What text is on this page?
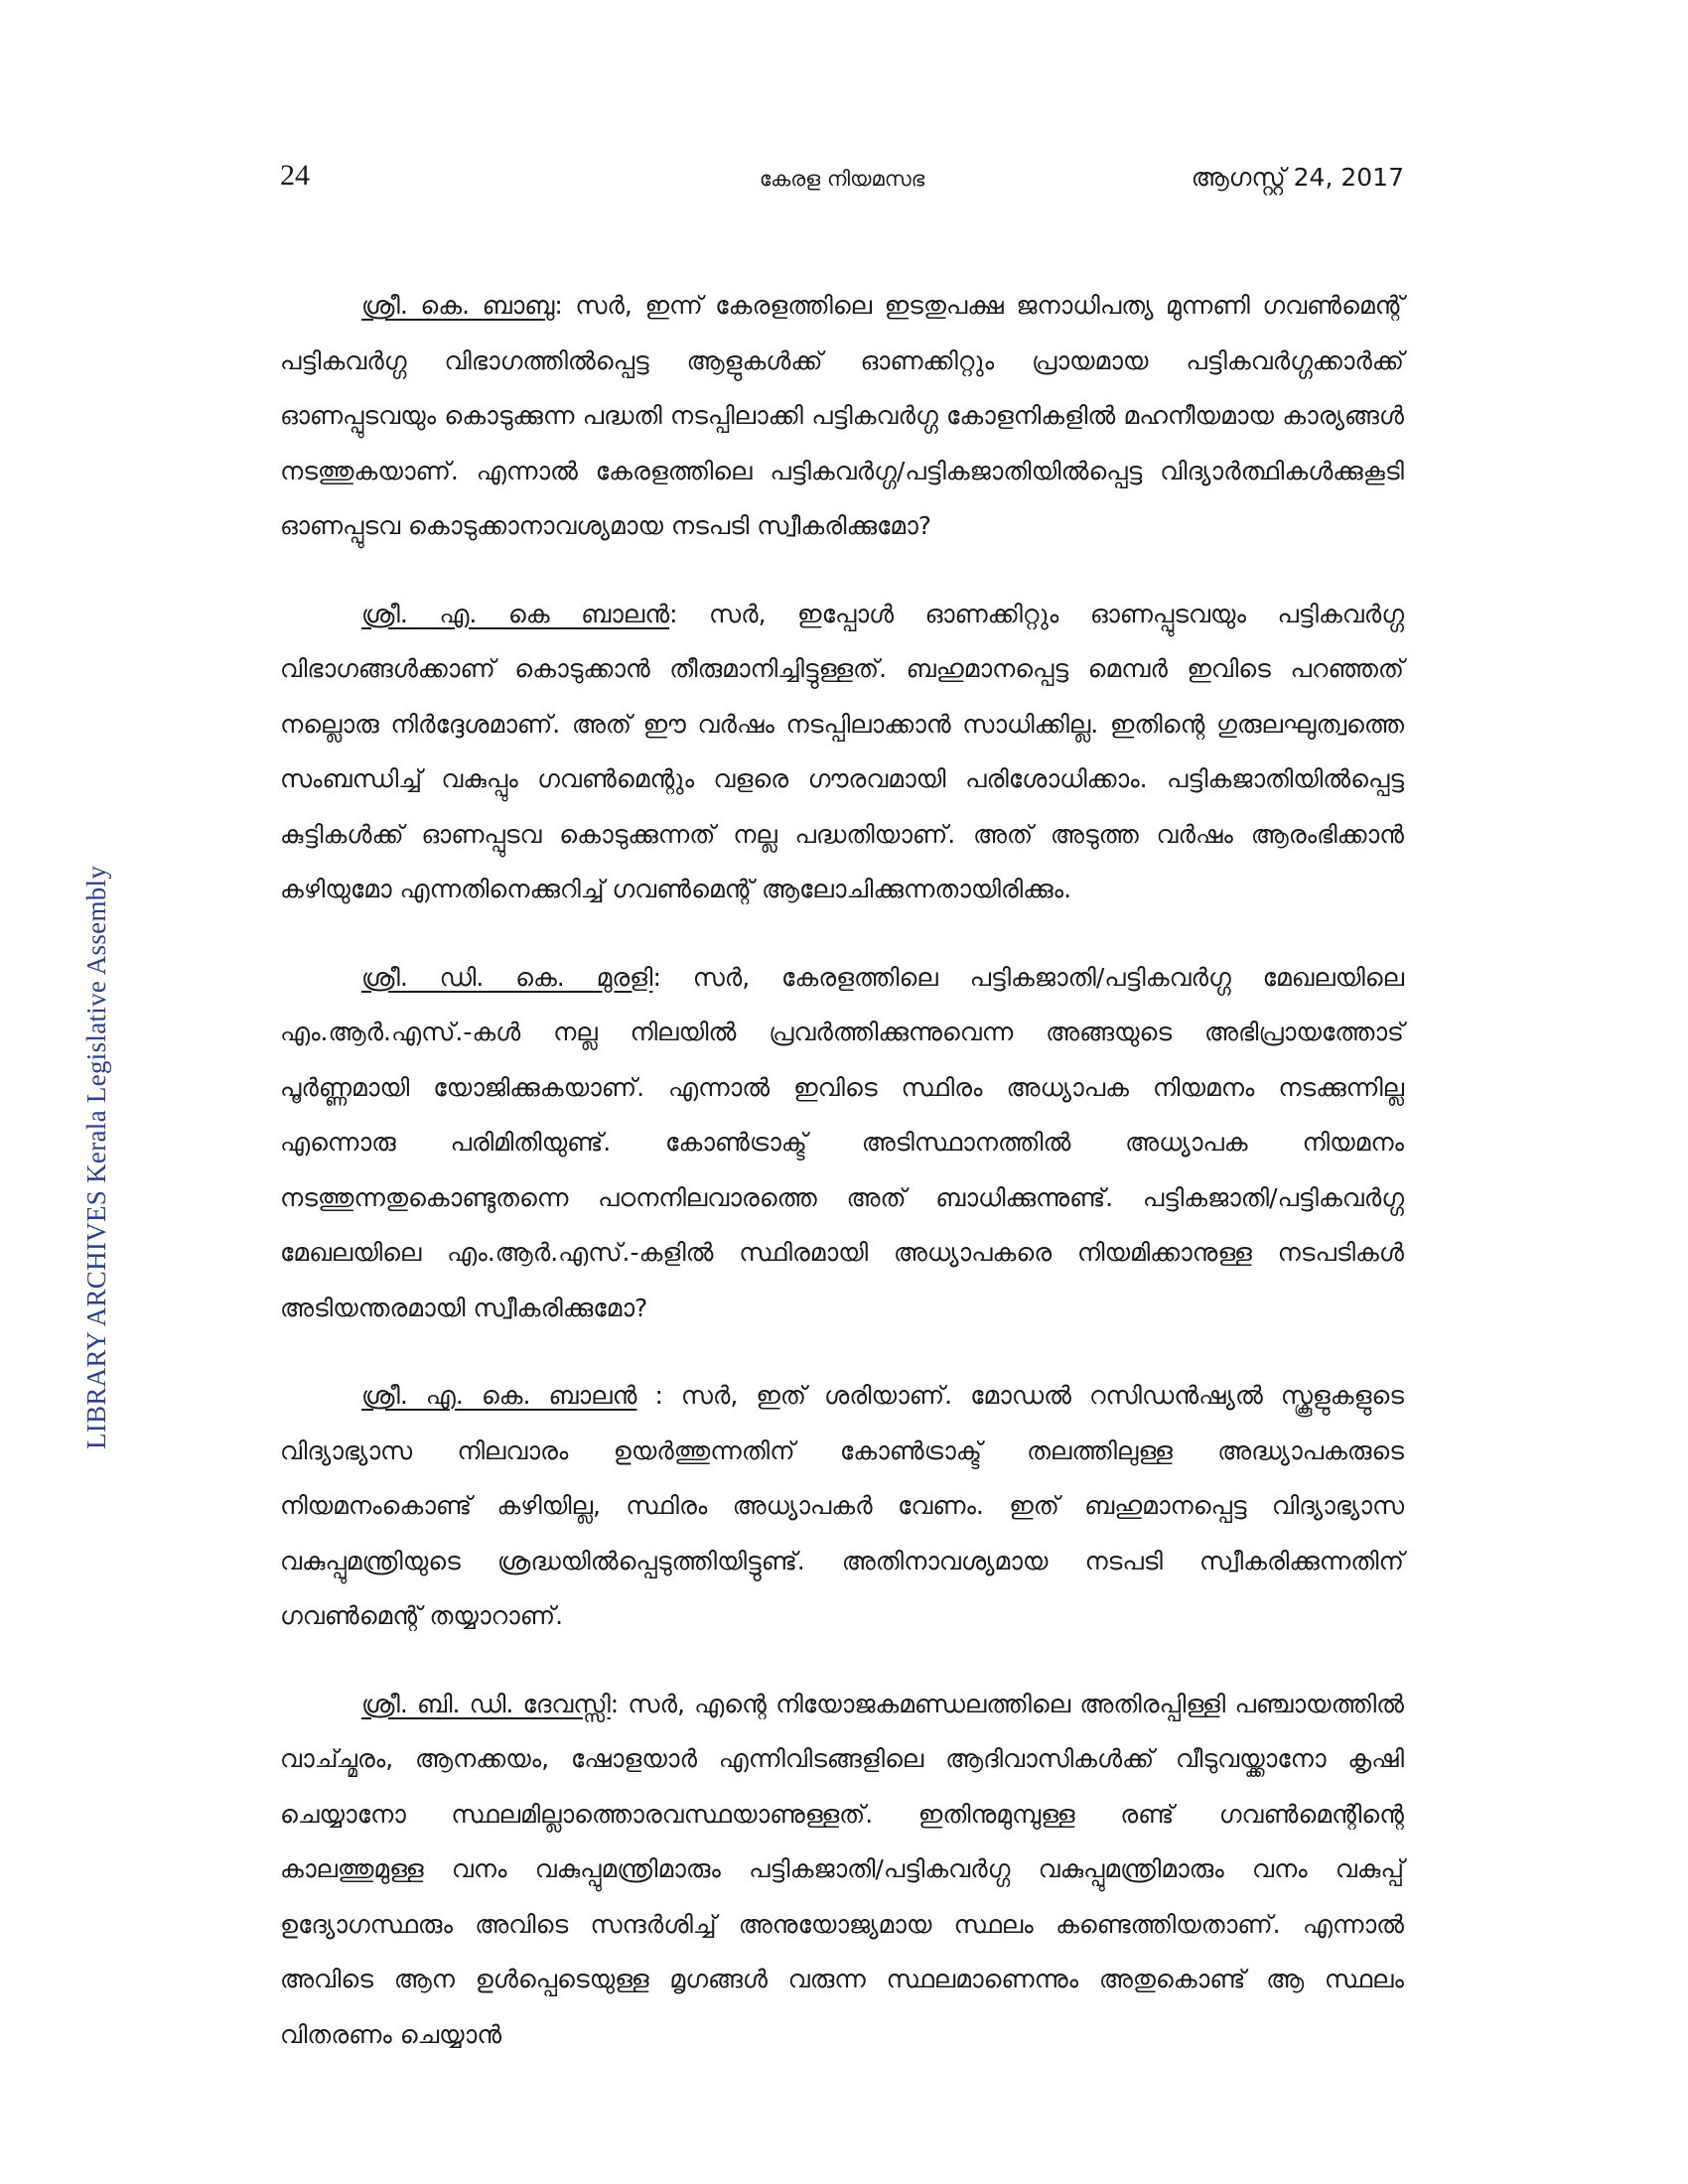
24	കേരള നിയമസഭ	ആഗസ്റ്റ് 24, 2017
LIBRARY ARCHIVES Kerala Legislative Assembly

ശ്രീ. കെ. ബാബു: സർ, ഇന്ന് കേരളത്തിലെ ഇടതുപക്ഷ ജനാധിപത്യ മുന്നണി ഗവൺമെന്റ് പട്ടികവർഗ്ഗ വിഭാഗത്തിൽപ്പെട്ട ആളുകൾക്ക് ഓണക്കിറ്റും പ്രായമായ പട്ടികവർഗ്ഗക്കാർക്ക് ഓണപ്പുടവയും കൊടുക്കുന്ന പദ്ധതി നടപ്പിലാക്കി പട്ടികവർഗ്ഗ കോളനികളിൽ മഹനീയമായ കാര്യങ്ങൾ നടത്തുകയാണ്. എന്നാൽ കേരളത്തിലെ പട്ടികവർഗ്ഗ/പട്ടികജാതിയിൽപ്പെട്ട വിദ്യാർത്ഥികൾക്കുകൂടി ഓണപ്പുടവ കൊടുക്കാനാവശ്യമായ നടപടി സ്വീകരിക്കുമോ?

ശ്രീ. എ. കെ ബാലൻ: സർ, ഇപ്പോൾ ഓണക്കിറ്റും ഓണപ്പുടവയും പട്ടികവർഗ്ഗ വിഭാഗങ്ങൾക്കാണ് കൊടുക്കാൻ തീരുമാനിച്ചിട്ടുള്ളത്. ബഹുമാനപ്പെട്ട മെമ്പർ ഇവിടെ പറഞ്ഞത് നല്ലൊരു നിർദ്ദേശമാണ്. അത് ഈ വർഷം നടപ്പിലാക്കാൻ സാധിക്കില്ല. ഇതിന്റെ ഗുരുലഘുത്വത്തെ സംബന്ധിച്ച് വകുപ്പും ഗവൺമെന്റും വളരെ ഗൗരവമായി പരിശോധിക്കാം. പട്ടികജാതിയിൽപ്പെട്ട കുട്ടികൾക്ക് ഓണപ്പുടവ കൊടുക്കുന്നത് നല്ല പദ്ധതിയാണ്. അത് അടുത്ത വർഷം ആരംഭിക്കാൻ കഴിയുമോ എന്നതിനെക്കുറിച്ച് ഗവൺമെന്റ് ആലോചിക്കുന്നതായിരിക്കും.

ശ്രീ. ഡി. കെ. മുരളി: സർ, കേരളത്തിലെ പട്ടികജാതി/പട്ടികവർഗ്ഗ മേഖലയിലെ എം.ആർ.എസ്.-കൾ നല്ല നിലയിൽ പ്രവർത്തിക്കുന്നുവെന്ന അങ്ങയുടെ അഭിപ്രായത്തോട് പൂർണ്ണമായി യോജിക്കുകയാണ്. എന്നാൽ ഇവിടെ സ്ഥിരം അധ്യാപക നിയമനം നടക്കുന്നില്ല എന്നൊരു പരിമിതിയുണ്ട്. കോൺട്രാക്ട് അടിസ്ഥാനത്തിൽ അധ്യാപക നിയമനം നടത്തുന്നതുകൊണ്ടുതന്നെ പഠനനിലവാരത്തെ അത് ബാധിക്കുന്നുണ്ട്. പട്ടികജാതി/പട്ടികവർഗ്ഗ മേഖലയിലെ എം.ആർ.എസ്.-കളിൽ സ്ഥിരമായി അധ്യാപകരെ നിയമിക്കാനുള്ള നടപടികൾ അടിയന്തരമായി സ്വീകരിക്കുമോ?

ശ്രീ. എ. കെ. ബാലൻ : സർ, ഇത് ശരിയാണ്. മോഡൽ റസിഡൻഷ്യൽ സ്കൂളുകളുടെ വിദ്യാഭ്യാസ നിലവാരം ഉയർത്തുന്നതിന് കോൺട്രാക്ട് തലത്തിലുള്ള അദ്ധ്യാപകരുടെ നിയമനംകൊണ്ട് കഴിയില്ല, സ്ഥിരം അധ്യാപകർ വേണം. ഇത് ബഹുമാനപ്പെട്ട വിദ്യാഭ്യാസ വകുപ്പുമന്ത്രിയുടെ ശ്രദ്ധയിൽപ്പെടുത്തിയിട്ടുണ്ട്. അതിനാവശ്യമായ നടപടി സ്വീകരിക്കുന്നതിന് ഗവൺമെന്റ് തയ്യാറാണ്.

ശ്രീ. ബി. ഡി. ദേവസ്സി: സർ, എന്റെ നിയോജകമണ്ഡലത്തിലെ അതിരപ്പിള്ളി പഞ്ചായത്തിൽ വാച്ച്മരം, ആനക്കയം, ഷോളയാർ എന്നിവിടങ്ങളിലെ ആദിവാസികൾക്ക് വീടുവയ്ക്കാനോ കൃഷി ചെയ്യാനോ സ്ഥലമില്ലാത്തൊരവസ്ഥയാണുള്ളത്. ഇതിനുമുമ്പുള്ള രണ്ട് ഗവൺമെന്റിന്റെ കാലത്തുമുള്ള വനം വകുപ്പുമന്ത്രിമാരും പട്ടികജാതി/പട്ടികവർഗ്ഗ വകുപ്പുമന്ത്രിമാരും വനം വകുപ്പ് ഉദ്യോഗസ്ഥരും അവിടെ സന്ദർശിച്ച് അനുയോജ്യമായ സ്ഥലം കണ്ടെത്തിയതാണ്. എന്നാൽ അവിടെ ആന ഉൾപ്പെടെയുള്ള മൃഗങ്ങൾ വരുന്ന സ്ഥലമാണെന്നും അതുകൊണ്ട് ആ സ്ഥലം വിതരണം ചെയ്യാൻ
